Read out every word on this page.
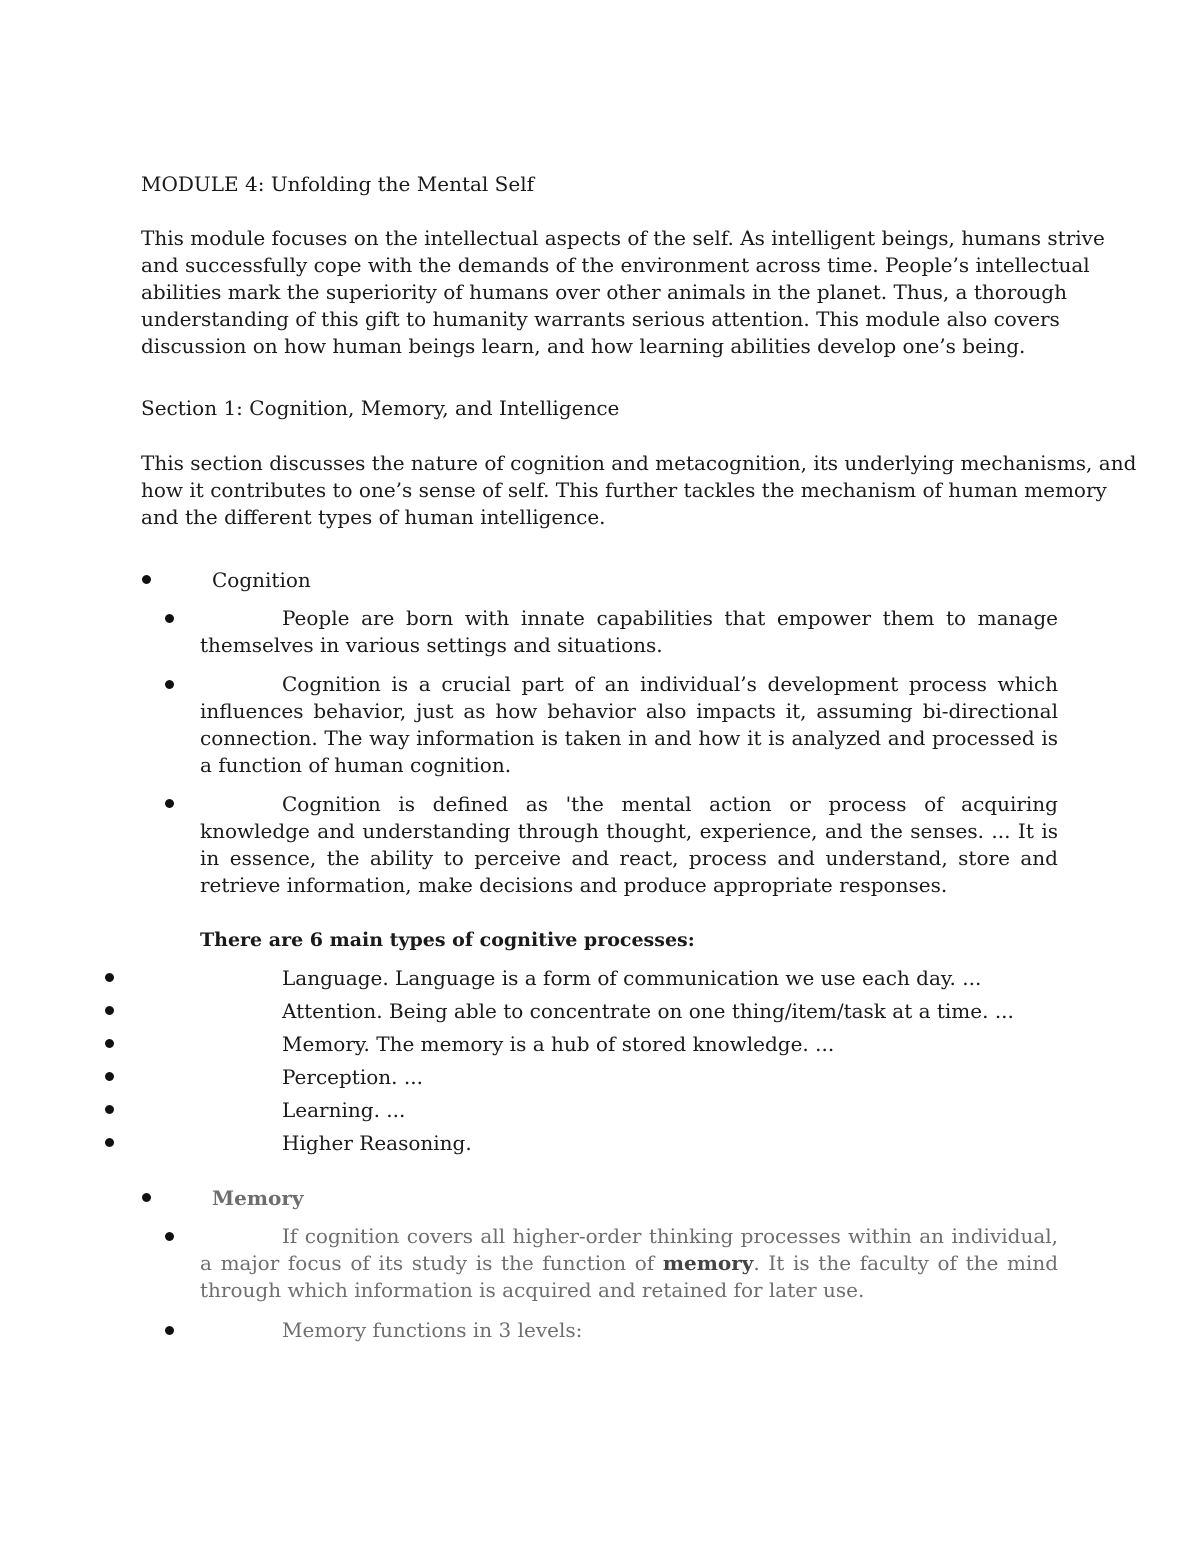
MODULE 4: Unfolding the Mental Self

This module focuses on the intellectual aspects of the self. As intelligent beings, humans strive

and successfully cope with the demands of the environment across time. People’s intellectual

abilities mark the superiority of humans over other animals in the planet. Thus, a thorough

understanding of this gift to humanity warrants serious attention. This module also covers

discussion on how human beings learn, and how learning abilities develop one’s being.

Section 1: Cognition, Memory, and Intelligence

This section discusses the nature of cognition and metacognition, its underlying mechanisms, and

how it contributes to one’s sense of self. This further tackles the mechanism of human memory

and the different types of human intelligence.

Cognition
People are born with innate capabilities that empower them to manage themselves in various settings and situations.
Cognition is a crucial part of an individual’s development process which influences behavior, just as how behavior also impacts it, assuming bi-directional connection. The way information is taken in and how it is analyzed and processed is a function of human cognition.
Cognition is defined as 'the mental action or process of acquiring knowledge and understanding through thought, experience, and the senses. ... It is in essence, the ability to perceive and react, process and understand, store and retrieve information, make decisions and produce appropriate responses.
There are 6 main types of cognitive processes:
Language. Language is a form of communication we use each day. ...
Attention. Being able to concentrate on one thing/item/task at a time. ...
Memory. The memory is a hub of stored knowledge. ...
Perception. ...
Learning. ...
Higher Reasoning.
Memory
If cognition covers all higher-order thinking processes within an individual, a major focus of its study is the function of memory. It is the faculty of the mind through which information is acquired and retained for later use.
Memory functions in 3 levels:
